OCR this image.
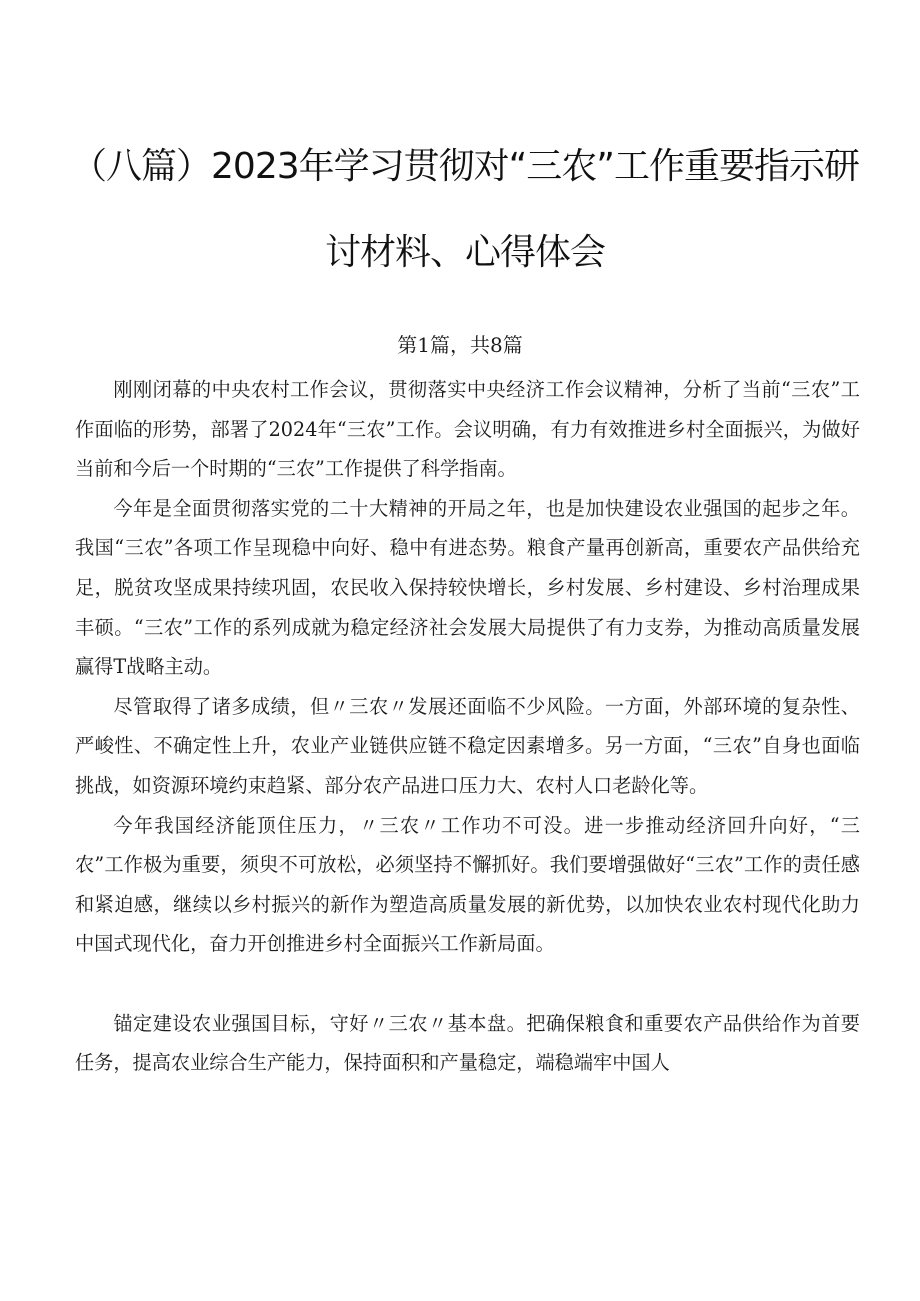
（八篇）2023年学习贯彻对“三农”工作重要指示研
讨材料、心得体会
第1篇，共8篇

刚刚闭幕的中央农村工作会议，贯彻落实中央经济工作会议精神，分析了当前“三农”工作面临的形势，部署了2024年“三农”工作。会议明确，有力有效推进乡村全面振兴，为做好当前和今后一个时期的“三农”工作提供了科学指南。

今年是全面贯彻落实党的二十大精神的开局之年，也是加快建设农业强国的起步之年。我国“三农”各项工作呈现稳中向好、稳中有进态势。粮食产量再创新高，重要农产品供给充足，脱贫攻坚成果持续巩固，农民收入保持较快增长，乡村发展、乡村建设、乡村治理成果丰硕。“三农”工作的系列成就为稳定经济社会发展大局提供了有力支券，为推动高质量发展赢得T战略主动。

尽管取得了诸多成绩，但〃三农〃发展还面临不少风险。一方面，外部环境的复杂性、严峻性、不确定性上升，农业产业链供应链不稳定因素增多。另一方面，“三农”自身也面临挑战，如资源环境约束趋紧、部分农产品进口压力大、农村人口老龄化等。

今年我国经济能顶住压力，〃三农〃工作功不可没。进一步推动经济回升向好，“三农”工作极为重要，须臾不可放松，必须坚持不懈抓好。我们要增强做好“三农”工作的责任感和紧迫感，继续以乡村振兴的新作为塑造高质量发展的新优势，以加快农业农村现代化助力中国式现代化，奋力开创推进乡村全面振兴工作新局面。

锚定建设农业强国目标，守好〃三农〃基本盘。把确保粮食和重要农产品供给作为首要任务，提高农业综合生产能力，保持面积和产量稳定，端稳端牢中国人
